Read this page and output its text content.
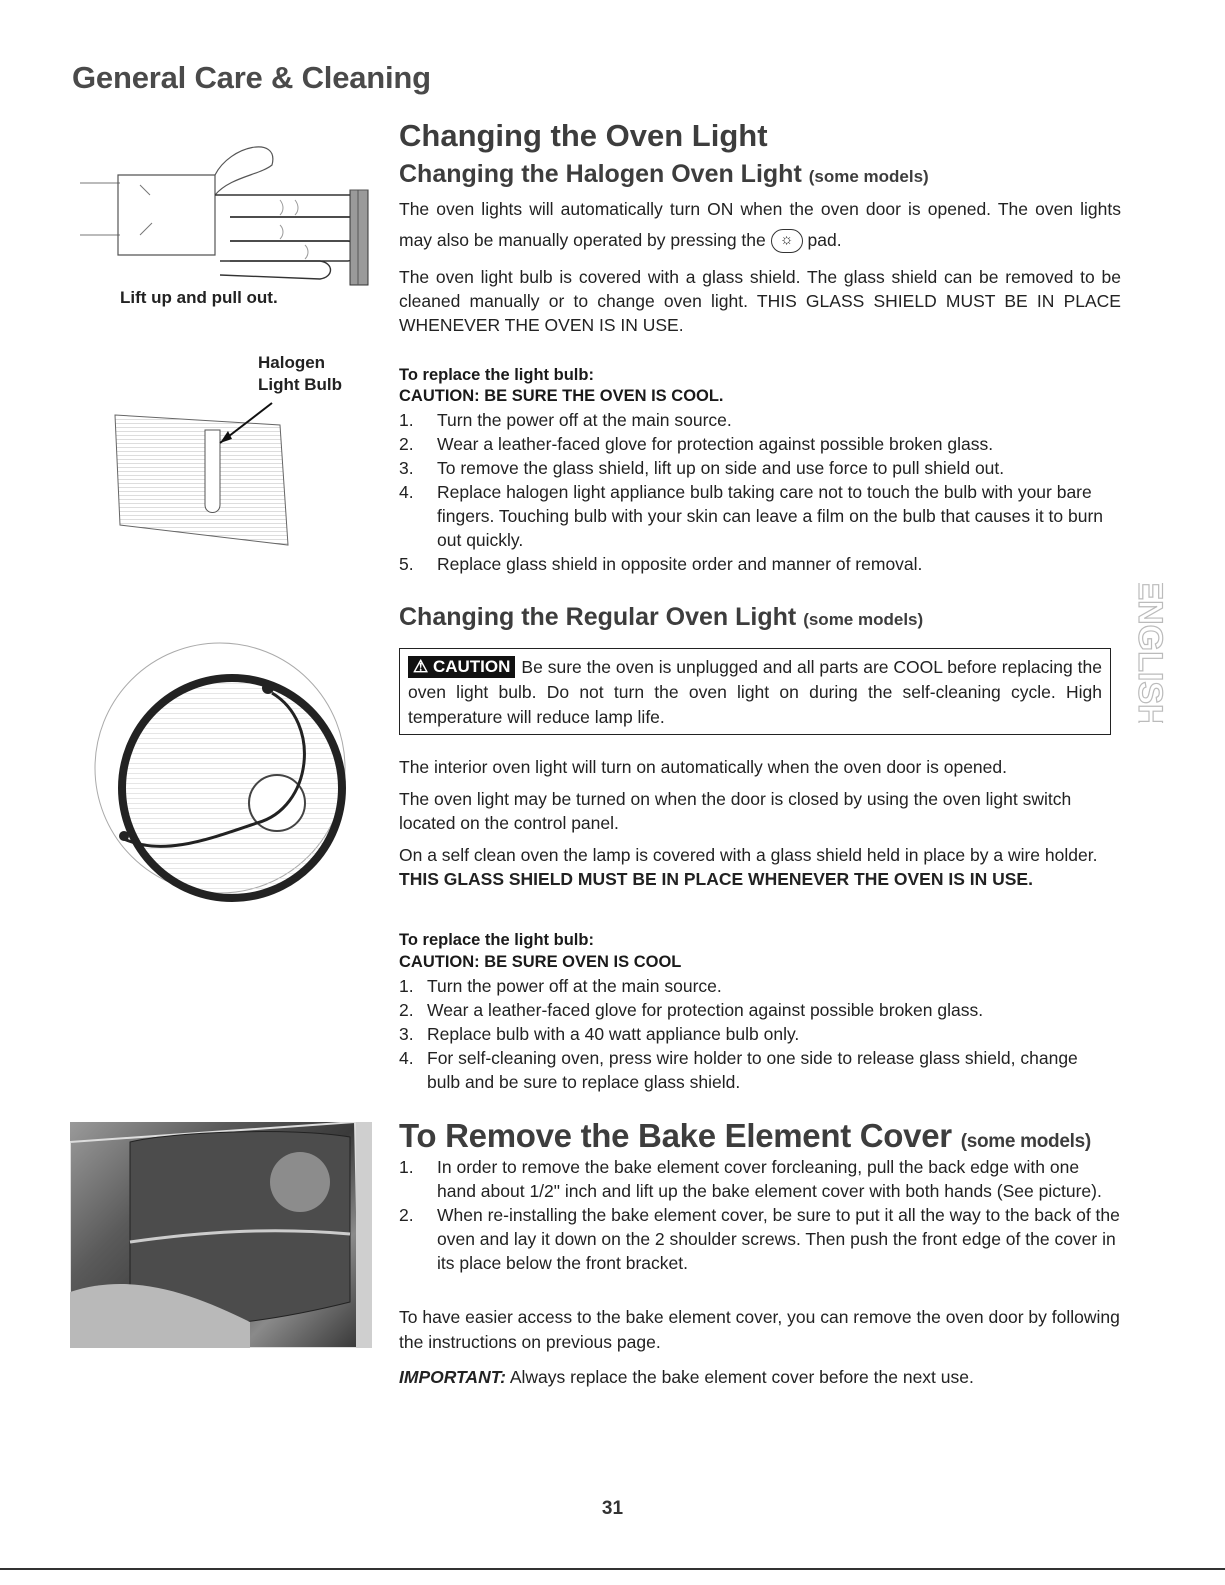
General Care & Cleaning
Lift up and pull out.
Halogen
Light Bulb
Changing the Oven Light
Changing the Halogen Oven Light (some models)

The oven lights will automatically turn ON when the oven door is opened. The oven lights may also be manually operated by pressing the ☼ pad.

The oven light bulb is covered with a glass shield. The glass shield can be removed to be cleaned manually or to change oven light. THIS GLASS SHIELD MUST BE IN PLACE WHENEVER THE OVEN IS IN USE.

To replace the light bulb:
CAUTION: BE SURE THE OVEN IS COOL.
1. Turn the power off at the main source.
2. Wear a leather-faced glove for protection against possible broken glass.
3. To remove the glass shield, lift up on side and use force to pull shield out.
4. Replace halogen light appliance bulb taking care not to touch the bulb with your bare fingers. Touching bulb with your skin can leave a film on the bulb that causes it to burn out quickly.
5. Replace glass shield in opposite order and manner of removal.
Changing the Regular Oven Light (some models)

⚠ CAUTION Be sure the oven is unplugged and all parts are COOL before replacing the oven light bulb. Do not turn the oven light on during the self-cleaning cycle. High temperature will reduce lamp life.

The interior oven light will turn on automatically when the oven door is opened.

The oven light may be turned on when the door is closed by using the oven light switch located on the control panel.

On a self clean oven the lamp is covered with a glass shield held in place by a wire holder.

THIS GLASS SHIELD MUST BE IN PLACE WHENEVER THE OVEN IS IN USE.

To replace the light bulb:
CAUTION: BE SURE OVEN IS COOL
1. Turn the power off at the main source.
2. Wear a leather-faced glove for protection against possible broken glass.
3. Replace bulb with a 40 watt appliance bulb only.
4. For self-cleaning oven, press wire holder to one side to release glass shield, change bulb and be sure to replace glass shield.
To Remove the Bake Element Cover (some models)
1. In order to remove the bake element cover forcleaning, pull the back edge with one hand about 1/2" inch and lift up the bake element cover with both hands (See picture).
2. When re-installing the bake element cover, be sure to put it all the way to the back of the oven and lay it down on the 2 shoulder screws. Then push the front edge of the cover in its place below the front bracket.

To have easier access to the bake element cover, you can remove the oven door by following the instructions on previous page.

IMPORTANT: Always replace the bake element cover before the next use.

ENGLISH
31
